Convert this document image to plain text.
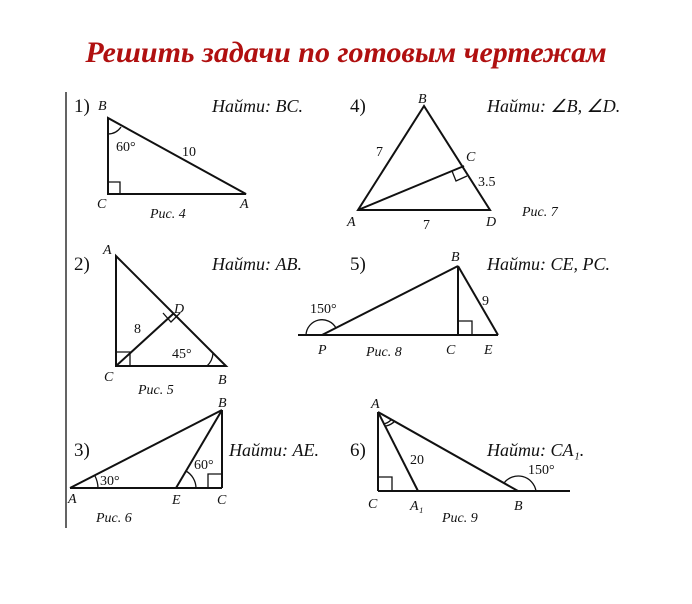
Решить задачи по готовым чертежам
1)	Найти: BC.
B
C	A
60°	10
Рис. 4
4)	Найти: ∠B, ∠D.
B
A	D
C
7
7
3.5
Рис. 7
2)	Найти: AB.
A
C	B
D
8
45°
Рис. 5
5)	Найти: CE, PC.
150°
B
P	C E
9
Рис. 8
3)	Найти: AE.
30°
60°
A	E	C
B
Рис. 6
6)	Найти: CA₁.
A
C A₁	B
20
150°
Рис. 9
